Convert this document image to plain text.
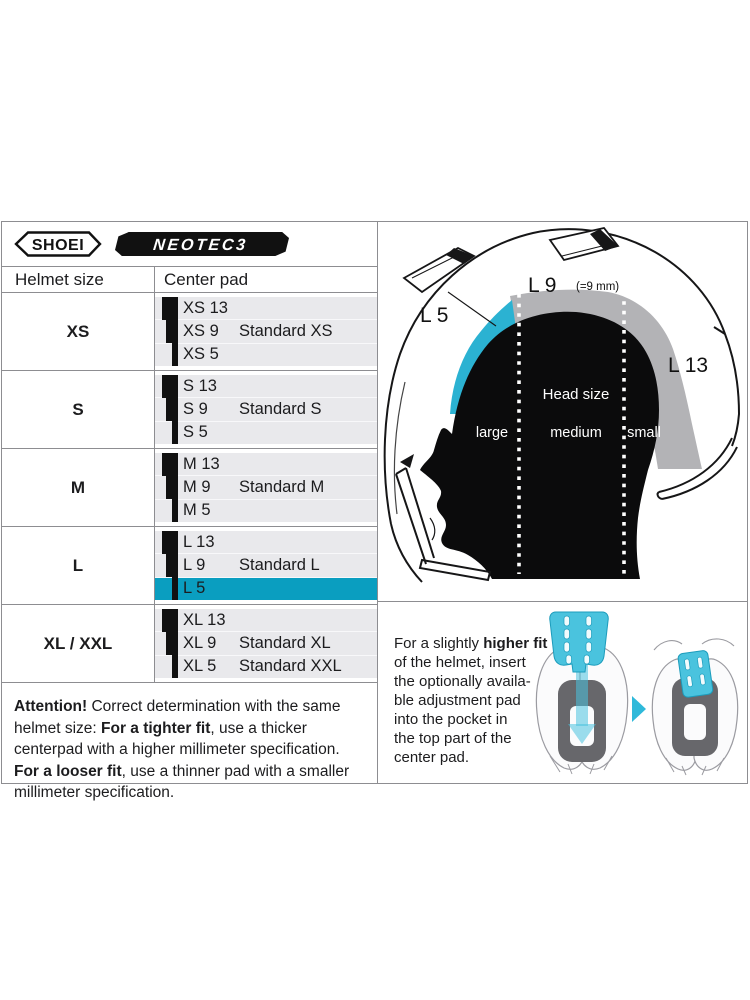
SHOEI	NEOTEC3
Helmet size	Center pad
XS
XS 13
XS 9	Standard XS
XS 5
S
S 13
S 9	Standard S
S 5
M
M 13
M 9	Standard M
M 5
L
L 13
L 9	Standard L
L 5
XL / XXL
XL 13
XL 9	Standard XL
XL 5	Standard XXL
Attention! Correct determination with the same helmet size: For a tighter fit, use a thicker centerpad with a higher millimeter specification. For a looser fit, use a thinner pad with a smaller millimeter specification.
L 5
L 9 (=9 mm)
L 13
Head size
large	medium small
For a slightly higher fit
of the helmet, insert
the optionally availa-
ble adjustment pad
into the pocket in
the top part of the
center pad.
